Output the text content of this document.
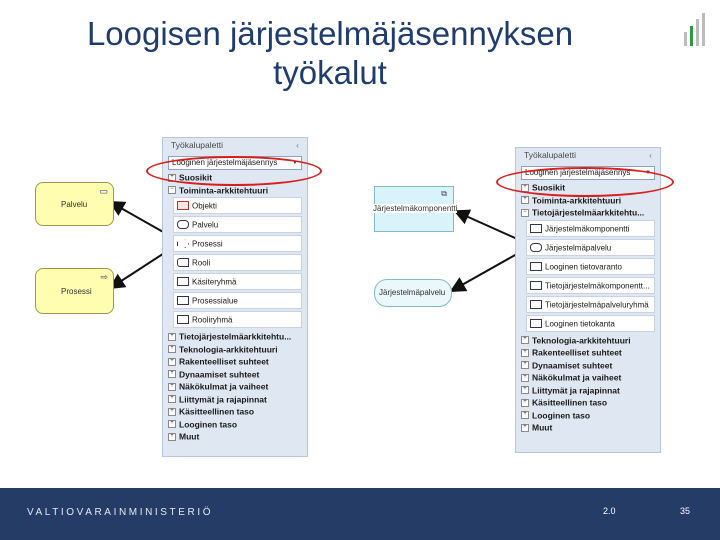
Loogisen järjestelmäjäsennyksen
työkalut
Palvelu
▭
Prosessi
⇨
⧉
Järjestelmäkomponentti
Järjestelmäpalvelu
Työkalupaletti	‹
Looginen järjestelmäjäsennys ▼
+ Suosikit
− Toiminta-arkkitehtuuri
Objekti
Palvelu
Prosessi
Rooli
Käsiteryhmä
Prosessialue
Rooliryhmä
+ Tietojärjestelmäarkkitehtu...
+ Teknologia-arkkitehtuuri
+ Rakenteelliset suhteet
+ Dynaamiset suhteet
+ Näkökulmat ja vaiheet
+ Liittymät ja rajapinnat
+ Käsitteellinen taso
+ Looginen taso
+ Muut
Työkalupaletti	‹
Looginen järjestelmäjäsennys ▼
+ Suosikit
+ Toiminta-arkkitehtuuri
− Tietojärjestelmäarkkitehtu...
Järjestelmäkomponentti
Järjestelmäpalvelu
Looginen tietovaranto
Tietojärjestelmäkomponentt...
Tietojärjestelmäpalveluryhmä
Looginen tietokanta
+ Teknologia-arkkitehtuuri
+ Rakenteelliset suhteet
+ Dynaamiset suhteet
+ Näkökulmat ja vaiheet
+ Liittymät ja rajapinnat
+ Käsitteellinen taso
+ Looginen taso
+ Muut
VALTIOVARAINMINISTERIÖ	2.0	35
